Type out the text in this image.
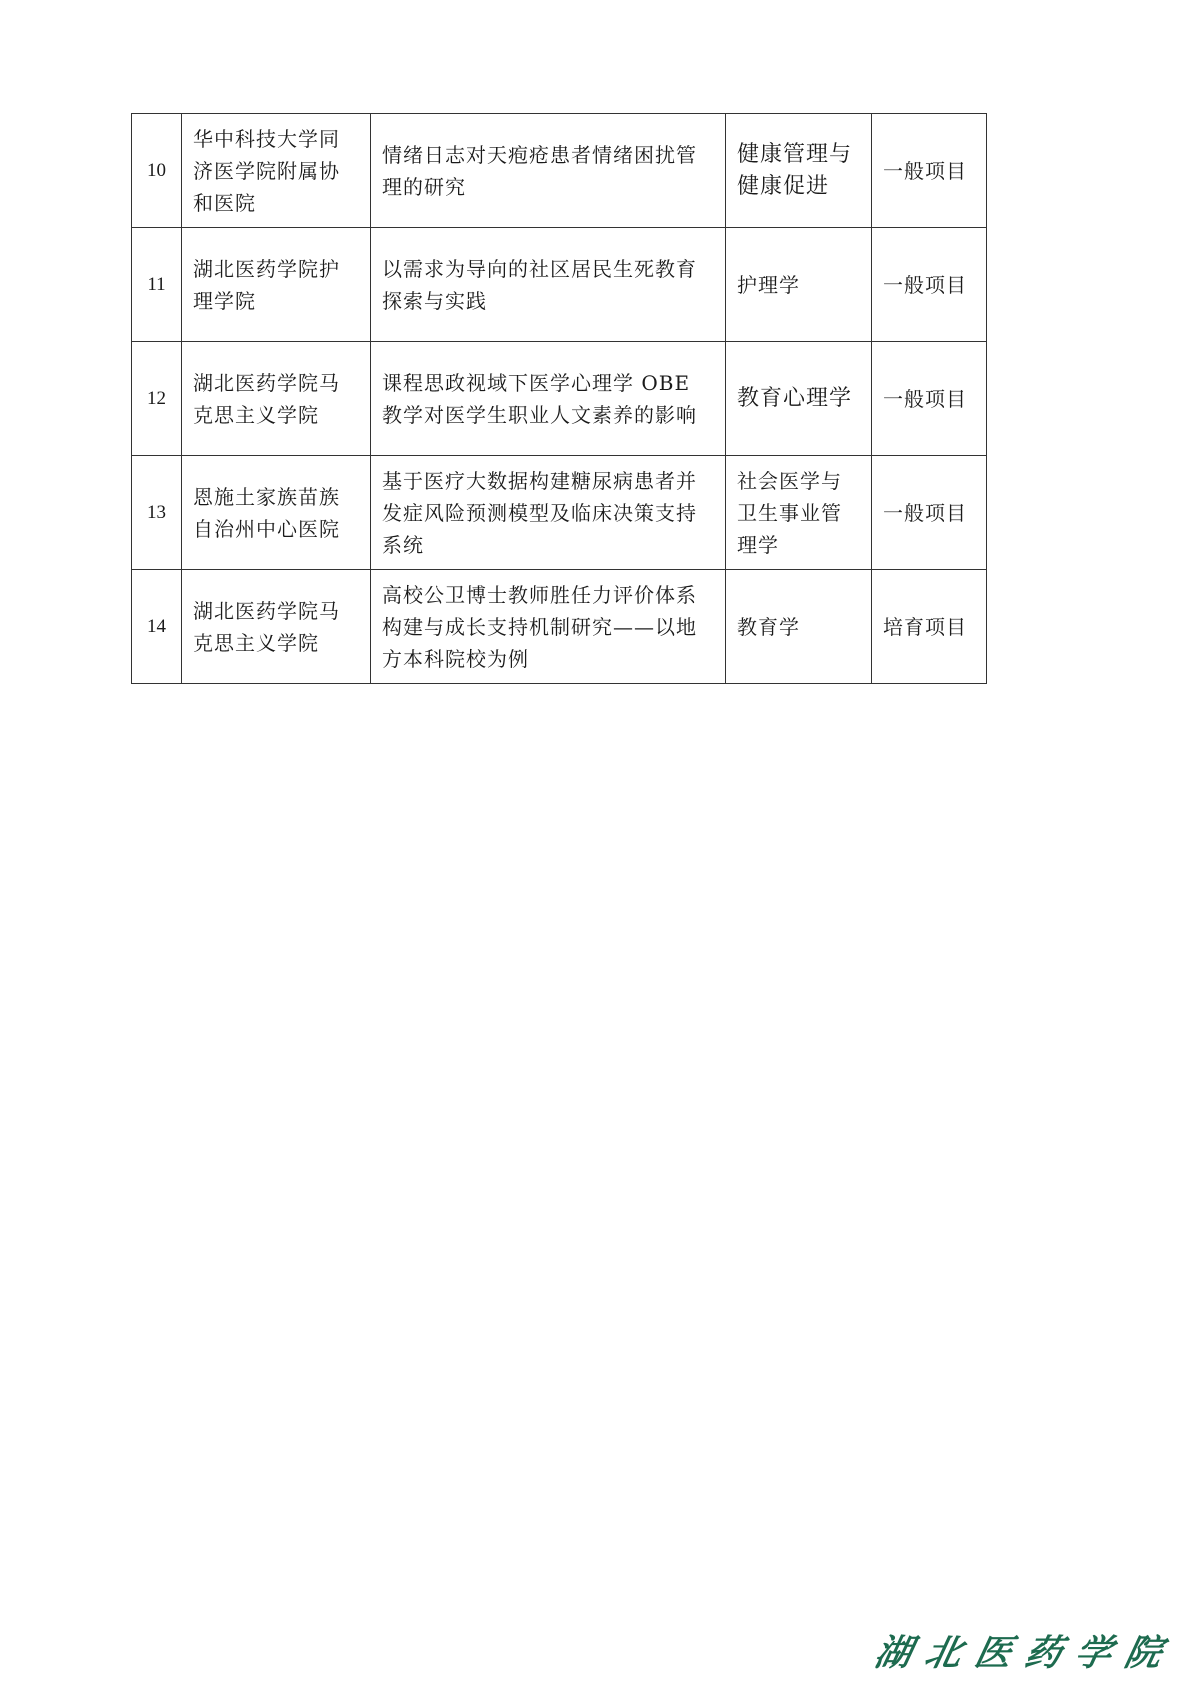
10	华中科技大学同济医学院附属协和医院	情绪日志对天疱疮患者情绪困扰管理的研究	健康管理与健康促进	一般项目
11	湖北医药学院护理学院	以需求为导向的社区居民生死教育探索与实践	护理学	一般项目
12	湖北医药学院马克思主义学院	课程思政视域下医学心理学 OBE 教学对医学生职业人文素养的影响	教育心理学	一般项目
13	恩施土家族苗族自治州中心医院	基于医疗大数据构建糖尿病患者并发症风险预测模型及临床决策支持系统	社会医学与卫生事业管理学	一般项目
14	湖北医药学院马克思主义学院	高校公卫博士教师胜任力评价体系构建与成长支持机制研究——以地方本科院校为例	教育学	培育项目
湖北医药学院
